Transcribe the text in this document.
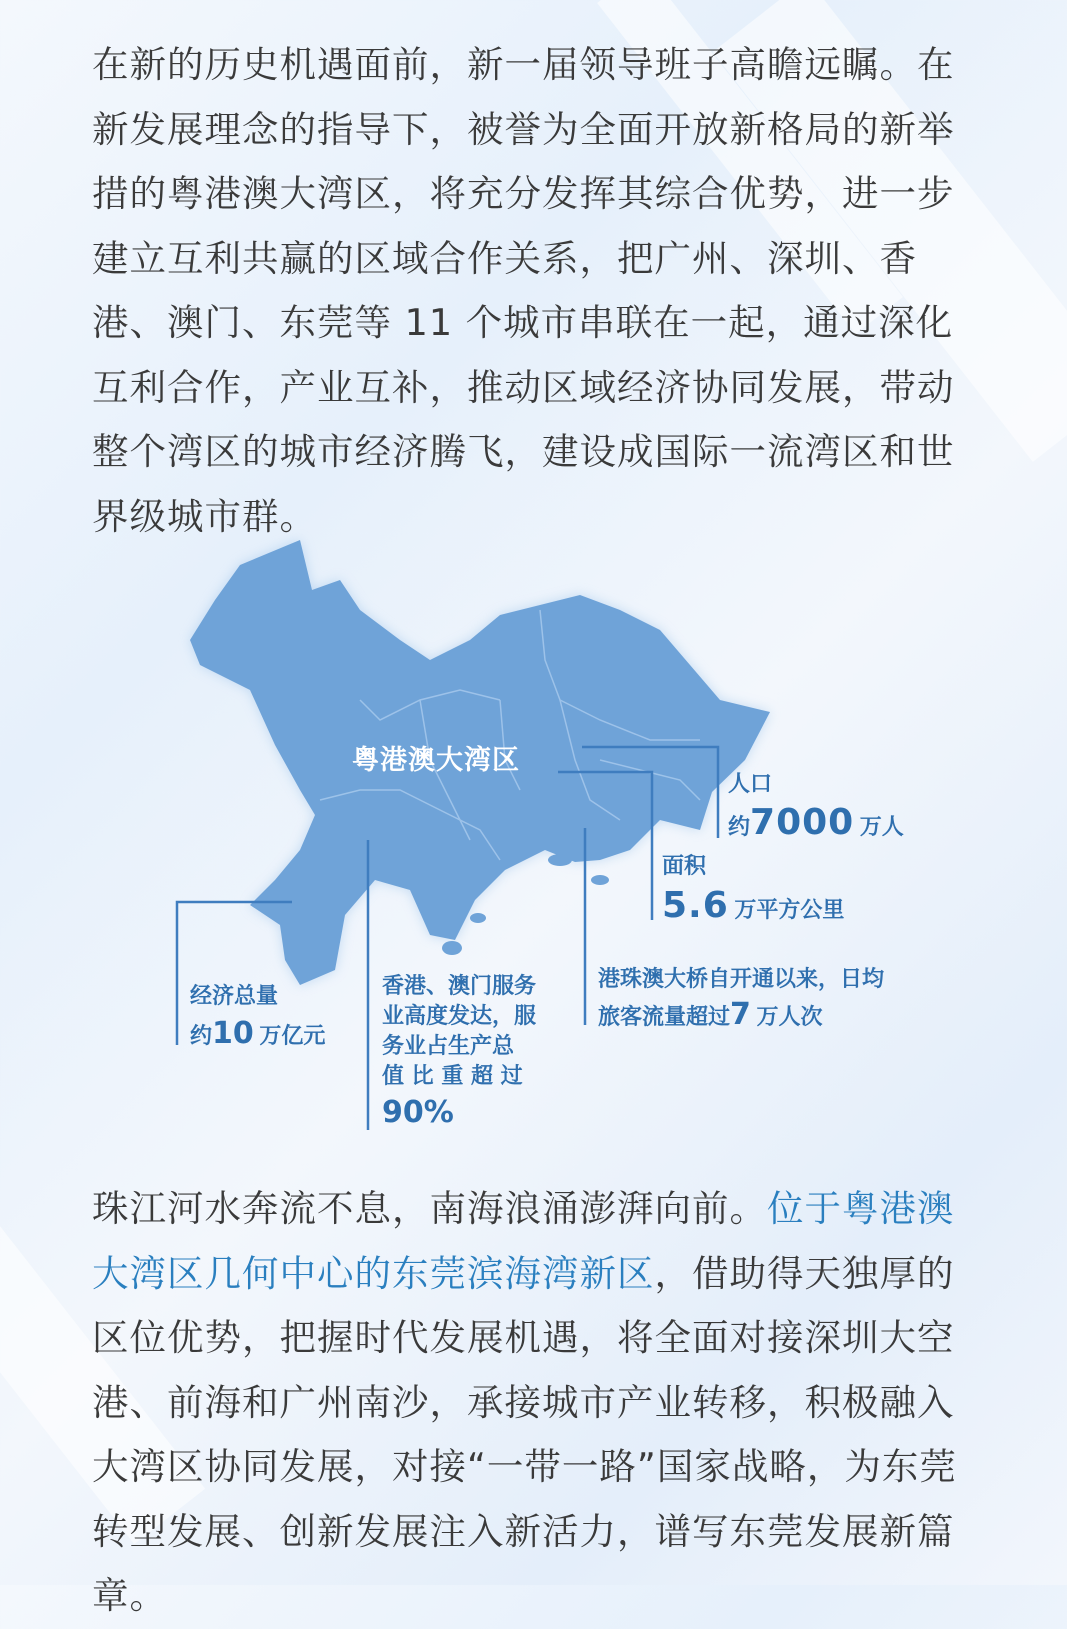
在新的历史机遇面前，新一届领导班子高瞻远瞩。在新发展理念的指导下，被誉为全面开放新格局的新举措的粤港澳大湾区，将充分发挥其综合优势，进一步建立互利共赢的区域合作关系，把广州、深圳、香港、澳门、东莞等 11 个城市串联在一起，通过深化互利合作，产业互补，推动区域经济协同发展，带动整个湾区的城市经济腾飞，建设成国际一流湾区和世界级城市群。

粤港澳大湾区
人口
约7000 万人
面积
5.6 万平方公里
港珠澳大桥自开通以来，日均
旅客流量超过7 万人次
经济总量
约10 万亿元
香港、澳门服务
业高度发达，服
务业占生产总
值 比 重 超 过
90%

珠江河水奔流不息，南海浪涌澎湃向前。位于粤港澳大湾区几何中心的东莞滨海湾新区，借助得天独厚的区位优势，把握时代发展机遇，将全面对接深圳大空港、前海和广州南沙，承接城市产业转移，积极融入大湾区协同发展，对接“一带一路”国家战略，为东莞转型发展、创新发展注入新活力，谱写东莞发展新篇章。
